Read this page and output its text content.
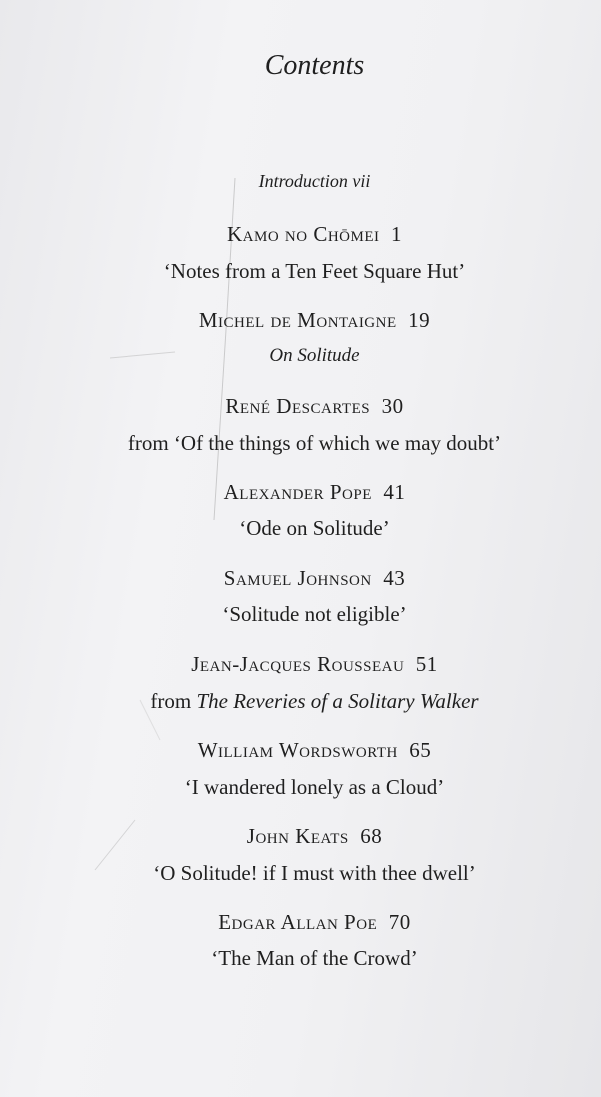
Contents
Introduction vii
Kamo no Chōmei 1
‘Notes from a Ten Feet Square Hut’
Michel de Montaigne 19
On Solitude
René Descartes 30
from ‘Of the things of which we may doubt’
Alexander Pope 41
‘Ode on Solitude’
Samuel Johnson 43
‘Solitude not eligible’
Jean-Jacques Rousseau 51
from The Reveries of a Solitary Walker
William Wordsworth 65
‘I wandered lonely as a Cloud’
John Keats 68
‘O Solitude! if I must with thee dwell’
Edgar Allan Poe 70
‘The Man of the Crowd’
